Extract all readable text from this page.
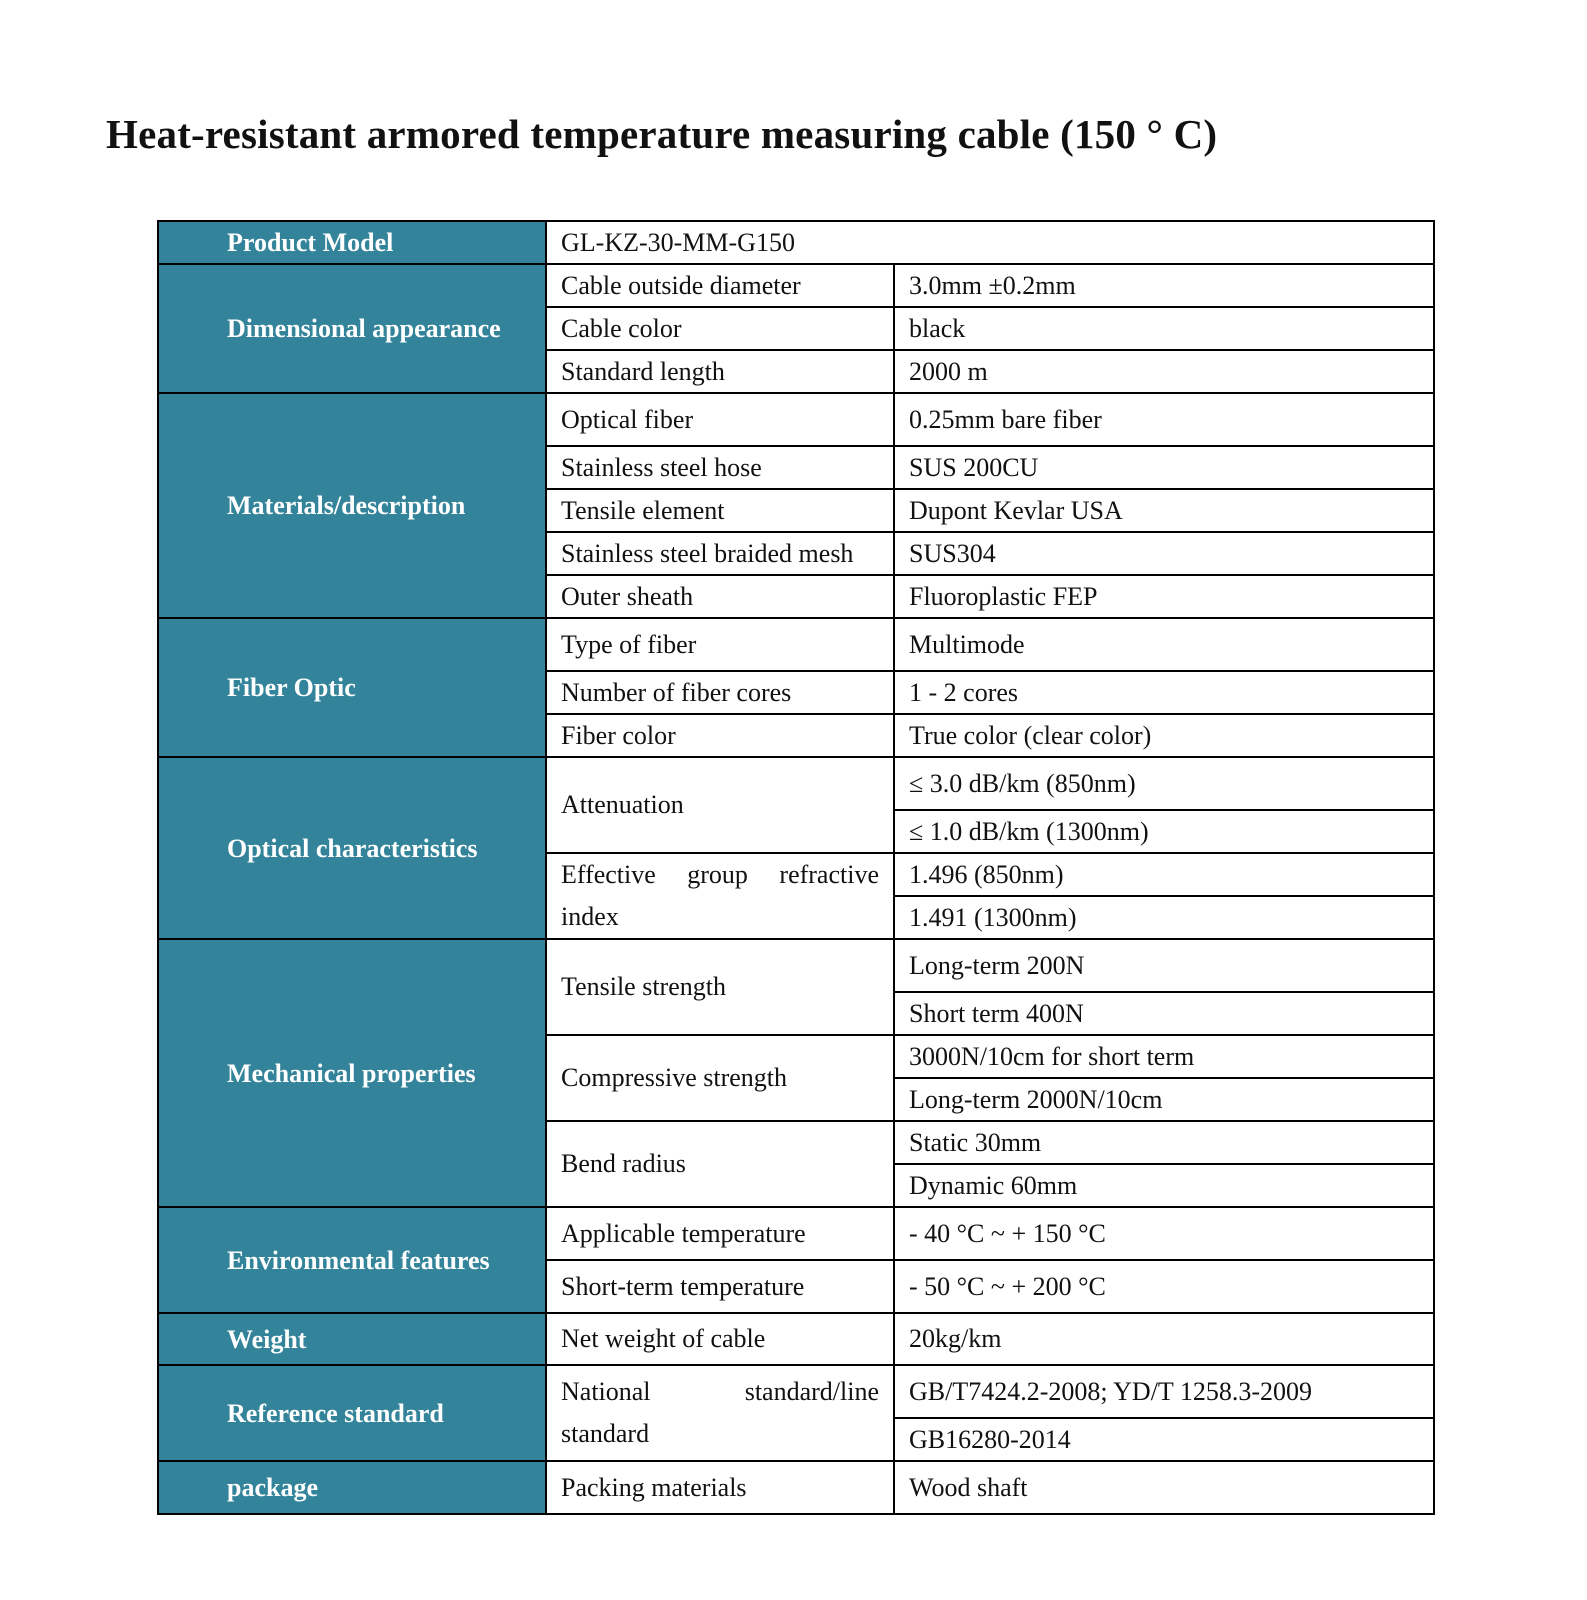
Heat-resistant armored temperature measuring cable (150 ° C)
Product Model	GL-KZ-30-MM-G150	
Dimensional appearance	Cable outside diameter	3.0mm ±0.2mm
	Cable color	black
	Standard length	2000 m
Materials/description	Optical fiber	0.25mm bare fiber
	Stainless steel hose	SUS 200CU
	Tensile element	Dupont Kevlar USA
	Stainless steel braided mesh	SUS304
	Outer sheath	Fluoroplastic FEP
Fiber Optic	Type of fiber	Multimode
	Number of fiber cores	1 - 2 cores
	Fiber color	True color (clear color)
Optical characteristics	Attenuation	≤ 3.0 dB/km (850nm)
		≤ 1.0 dB/km (1300nm)
	Effective group refractive index	1.496 (850nm)
		1.491 (1300nm)
Mechanical properties	Tensile strength	Long-term 200N
		Short term 400N
	Compressive strength	3000N/10cm for short term
		Long-term 2000N/10cm
	Bend radius	Static 30mm
		Dynamic 60mm
Environmental features	Applicable temperature	- 40 °C ~ + 150 °C
	Short-term temperature	- 50 °C ~ + 200 °C
Weight	Net weight of cable	20kg/km
Reference standard	National standard/line standard	GB/T7424.2-2008; YD/T 1258.3-2009
		GB16280-2014
package	Packing materials	Wood shaft
